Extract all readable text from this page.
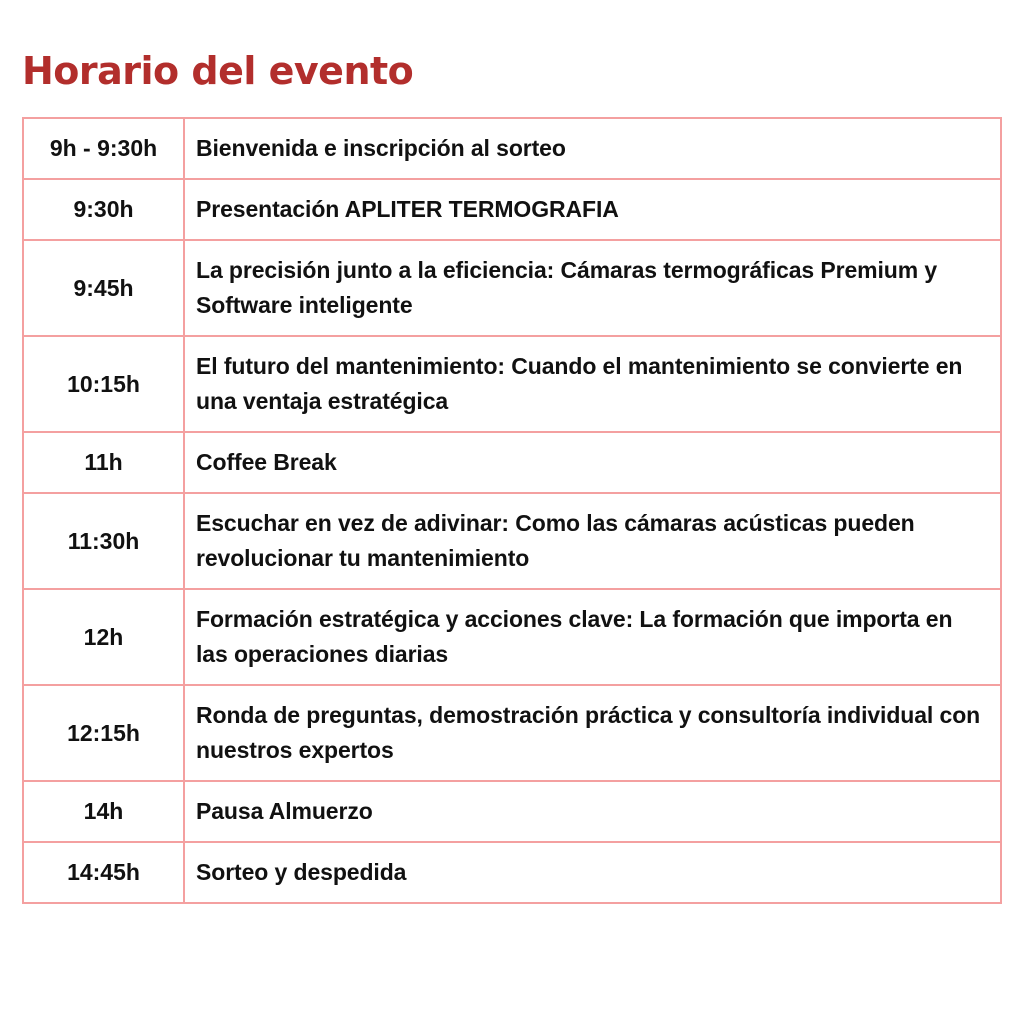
Horario del evento
9h - 9:30h	Bienvenida e inscripción al sorteo
9:30h	Presentación APLITER TERMOGRAFIA
9:45h	La precisión junto a la eficiencia: Cámaras termográficas Premium y Software inteligente
10:15h	El futuro del mantenimiento: Cuando el mantenimiento se convierte en una ventaja estratégica
11h	Coffee Break
11:30h	Escuchar en vez de adivinar: Como las cámaras acústicas pueden revolucionar tu mantenimiento
12h	Formación estratégica y acciones clave: La formación que importa en las operaciones diarias
12:15h	Ronda de preguntas, demostración práctica y consultoría individual con nuestros expertos
14h	Pausa Almuerzo
14:45h	Sorteo y despedida
